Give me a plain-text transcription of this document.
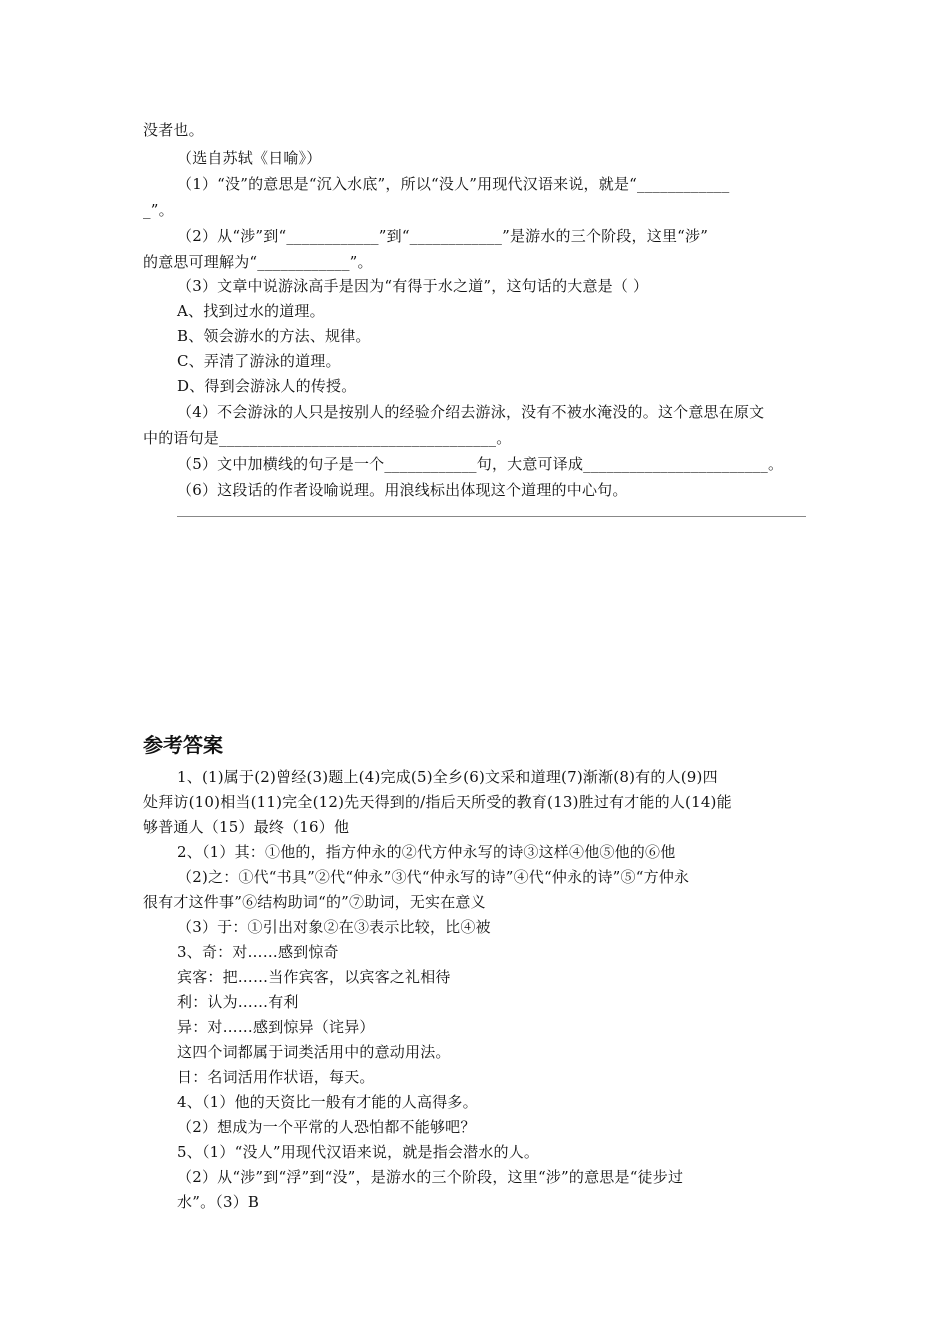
没者也。
（选自苏轼《日喻》）
（1）“没”的意思是“沉入水底”，所以“没人”用现代汉语来说，就是“____________
_”。
（2）从“涉”到“____________”到“____________”是游水的三个阶段，这里“涉”
的意思可理解为“____________”。
（3）文章中说游泳高手是因为“有得于水之道”，这句话的大意是（ ）
A、找到过水的道理。
B、领会游水的方法、规律。
C、弄清了游泳的道理。
D、得到会游泳人的传授。
（4）不会游泳的人只是按别人的经验介绍去游泳，没有不被水淹没的。这个意思在原文
中的语句是____________________________________。
（5）文中加横线的句子是一个____________句，大意可译成________________________。
（6）这段话的作者设喻说理。用浪线标出体现这个道理的中心句。
参考答案
1、(1)属于(2)曾经(3)题上(4)完成(5)全乡(6)文采和道理(7)渐渐(8)有的人(9)四
处拜访(10)相当(11)完全(12)先天得到的/指后天所受的教育(13)胜过有才能的人(14)能
够普通人（15）最终（16）他
2、（1）其：①他的，指方仲永的②代方仲永写的诗③这样④他⑤他的⑥他
（2)之：①代“书具”②代“仲永”③代“仲永写的诗”④代“仲永的诗”⑤“方仲永
很有才这件事”⑥结构助词“的”⑦助词，无实在意义
（3）于：①引出对象②在③表示比较，比④被
3、奇：对……感到惊奇
宾客：把……当作宾客，以宾客之礼相待
利：认为……有利
异：对……感到惊异（诧异）
这四个词都属于词类活用中的意动用法。
日：名词活用作状语，每天。
4、（1）他的天资比一般有才能的人高得多。
（2）想成为一个平常的人恐怕都不能够吧？
5、（1）“没人”用现代汉语来说，就是指会潜水的人。
（2）从“涉”到“浮”到“没”，是游水的三个阶段，这里“涉”的意思是“徒步过
水”。（3）B
